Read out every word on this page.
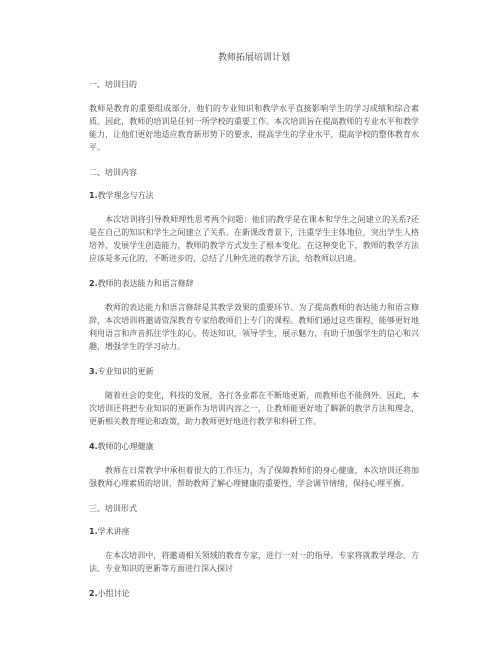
教师拓展培训计划
一、培训目的
教师是教育的重要组成部分，他们的专业知识和教学水平直接影响学生的学习成绩和综合素质。因此，教师的培训是任何一所学校的重要工作。本次培训旨在提高教师的专业水平和教学能力，让他们更好地适应教育新形势下的要求，提高学生的学业水平，提高学校的整体教育水平。
二、培训内容
1.教学理念与方法
本次培训将引导教师理性思考两个问题：他们的教学是在课本和学生之间建立的关系?还是在自己的知识和学生之间建立了关系。在新课改背景下，注重学生主体地位，突出学生人格培养，发展学生创造能力，教师的教学方式发生了根本变化。在这种变化下，教师的教学方法应该是多元化的，不断进步的，总结了几种先进的教学方法，给教师以启迪。
2.教师的表达能力和语言修辞
教师的表达能力和语言修辞是其教学效果的重要环节。为了提高教师的表达能力和语言修辞，本次培训将邀请资深教育专家给教师们上专门的课程。教师们通过这些课程，能够更好地利用语言和声音抓住学生的心，传达知识，领导学生，展示魅力，有助于加强学生的信心和兴趣，增强学生的学习动力。
3.专业知识的更新
随着社会的变化，科技的发展，各行各业都在不断地更新，而教师也不能例外。因此，本次培训还将把专业知识的更新作为培训内容之一，让教师能更好地了解新的教学方法和理念，更新相关教育理论和政策，助力教师更好地进行教学和科研工作。
4.教师的心理健康
教师在日常教学中承担着很大的工作压力，为了保障教师们的身心健康，本次培训还将加强教师心理素质的培训，帮助教师了解心理健康的重要性，学会调节情绪，保持心理平衡。
三、培训形式
1.学术讲座
在本次培训中，将邀请相关领域的教育专家，进行一对一的指导。专家将就教学理念、方法、专业知识的更新等方面进行深入探讨
2.小组讨论
